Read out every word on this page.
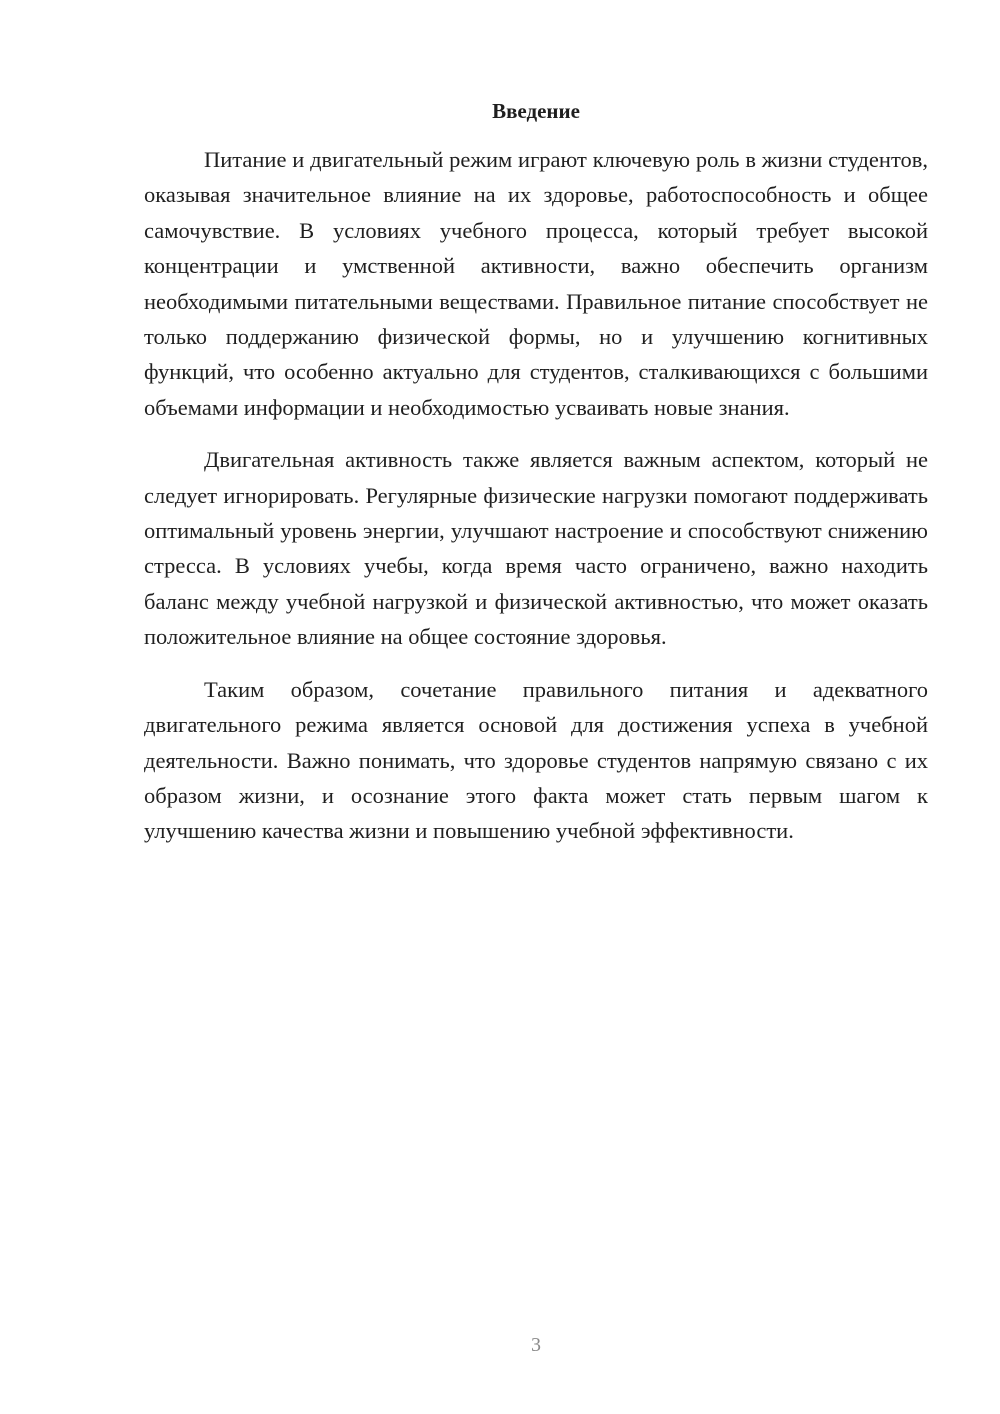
Введение

Питание и двигательный режим играют ключевую роль в жизни студентов, оказывая значительное влияние на их здоровье, работоспособность и общее самочувствие. В условиях учебного процесса, который требует высокой концентрации и умственной активности, важно обеспечить организм необходимыми питательными веществами. Правильное питание способствует не только поддержанию физической формы, но и улучшению когнитивных функций, что особенно актуально для студентов, сталкивающихся с большими объемами информации и необходимостью усваивать новые знания.

Двигательная активность также является важным аспектом, который не следует игнорировать. Регулярные физические нагрузки помогают поддерживать оптимальный уровень энергии, улучшают настроение и способствуют снижению стресса. В условиях учебы, когда время часто ограничено, важно находить баланс между учебной нагрузкой и физической активностью, что может оказать положительное влияние на общее состояние здоровья.

Таким образом, сочетание правильного питания и адекватного двигательного режима является основой для достижения успеха в учебной деятельности. Важно понимать, что здоровье студентов напрямую связано с их образом жизни, и осознание этого факта может стать первым шагом к улучшению качества жизни и повышению учебной эффективности.

3
